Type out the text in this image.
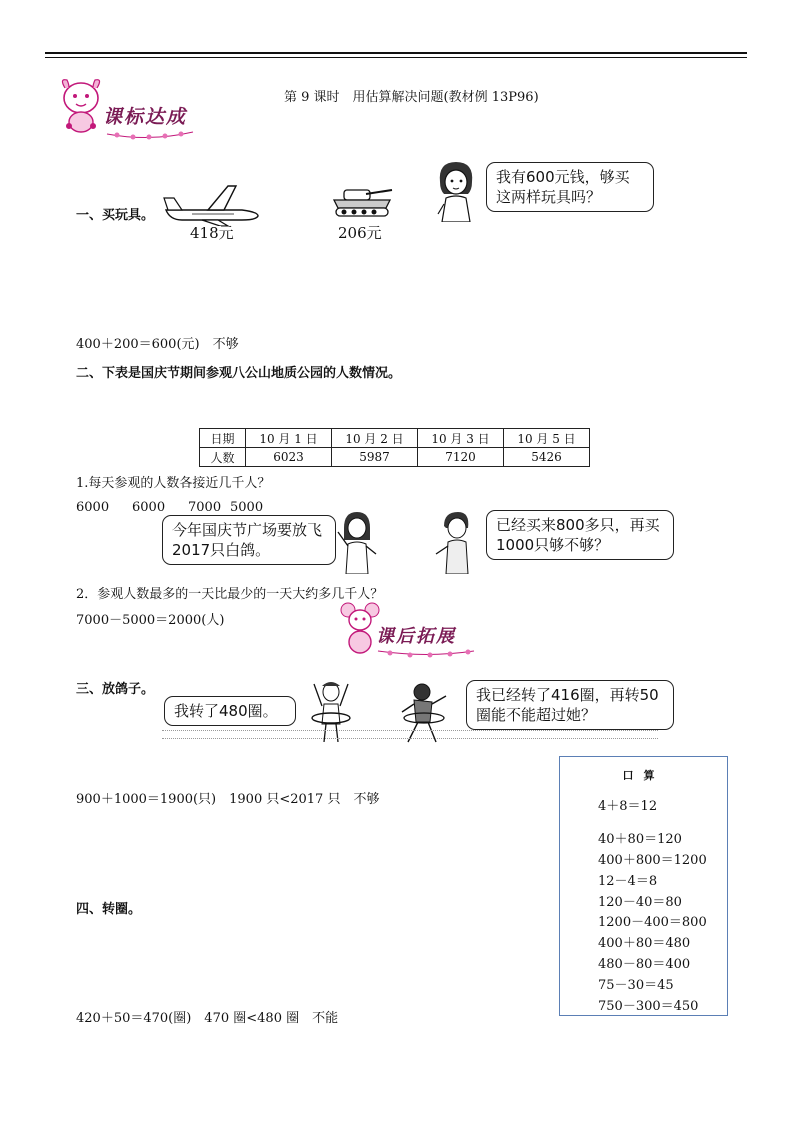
课标达成
第 9 课时　用估算解决问题(教材例 13P96)
一、买玩具。
418元	206元
我有600元钱，够买这两样玩具吗？
400＋200＝600(元)　不够
二、下表是国庆节期间参观八公山地质公园的人数情况。
日期	10 月 1 日	10 月 2 日	10 月 3 日	10 月 5 日
人数	6023	5987	7120	5426
1.每天参观的人数各接近几千人？
6000 6000 7000 5000
今年国庆节广场要放飞2017只白鸽。
已经买来800多只，再买1000只够不够？
2．参观人数最多的一天比最少的一天大约多几千人？
7000－5000＝2000(人)
课后拓展
三、放鸽子。
我转了480圈。
我已经转了416圈，再转50圈能不能超过她？
900＋1000＝1900(只)　1900 只<2017 只　不够
四、转圈。
420＋50＝470(圈)　470 圈<480 圈　不能
口算
4＋8＝12
40＋80＝120
400＋800＝1200
12－4＝8
120－40＝80
1200－400＝800
400＋80＝480
480－80＝400
75－30＝45
750－300＝450
